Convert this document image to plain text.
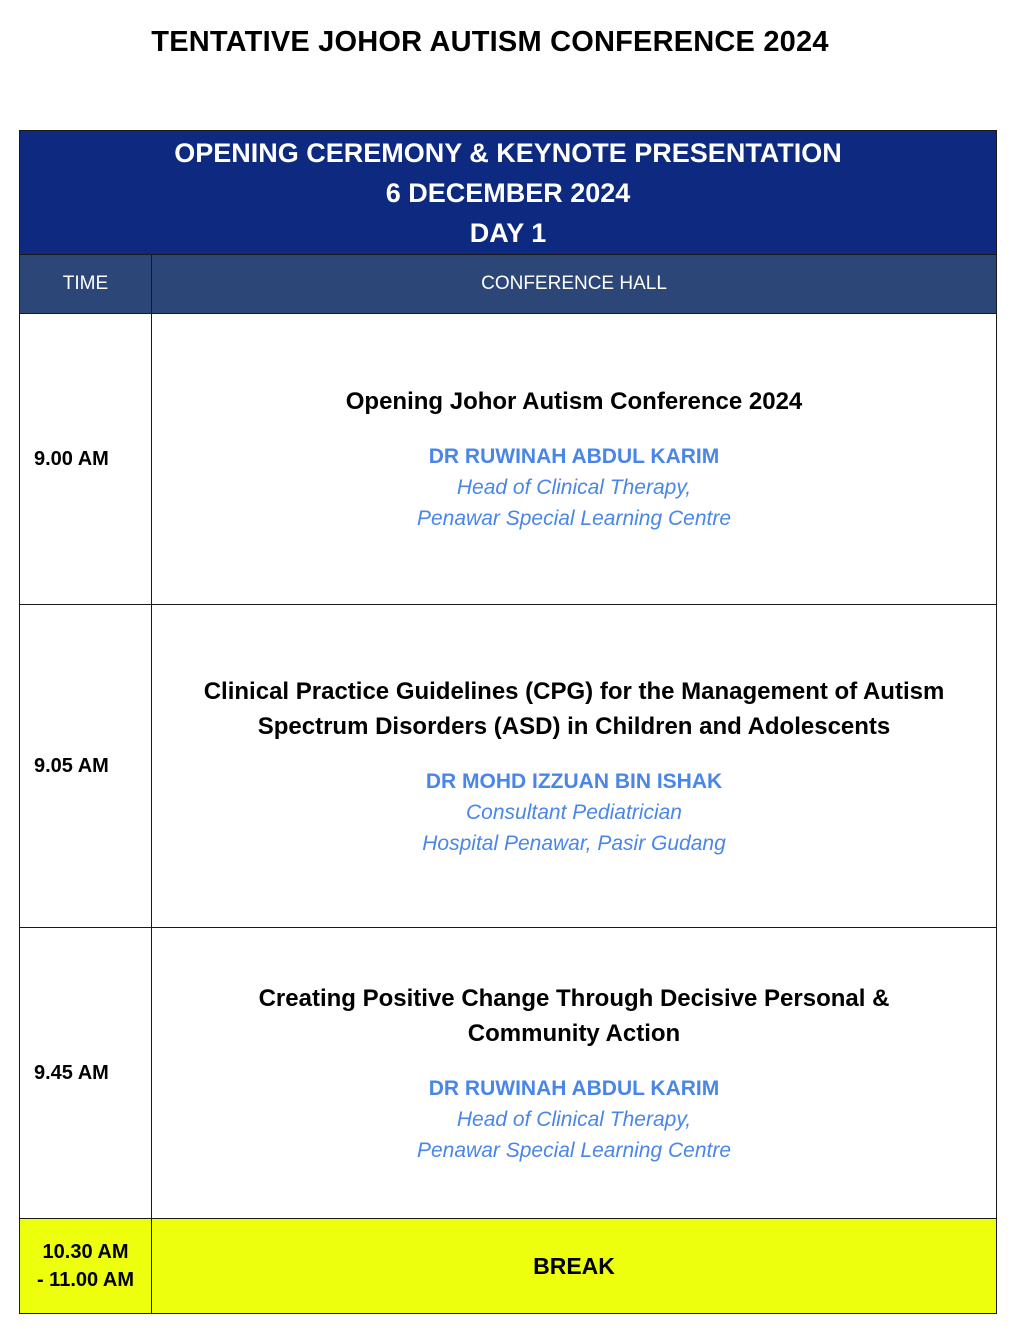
TENTATIVE JOHOR AUTISM CONFERENCE 2024
OPENING CEREMONY & KEYNOTE PRESENTATION
6 DECEMBER 2024
DAY 1	

TIME	CONFERENCE HALL
9.00 AM	Opening Johor Autism Conference 2024
DR RUWINAH ABDUL KARIM
Head of Clinical Therapy,
Penawar Special Learning Centre

9.05 AM	Clinical Practice Guidelines (CPG) for the Management of Autism
Spectrum Disorders (ASD) in Children and Adolescents
DR MOHD IZZUAN BIN ISHAK
Consultant Pediatrician
Hospital Penawar, Pasir Gudang

9.45 AM	Creating Positive Change Through Decisive Personal &
Community Action
DR RUWINAH ABDUL KARIM
Head of Clinical Therapy,
Penawar Special Learning Centre

10.30 AM
- 11.00 AM	BREAK
